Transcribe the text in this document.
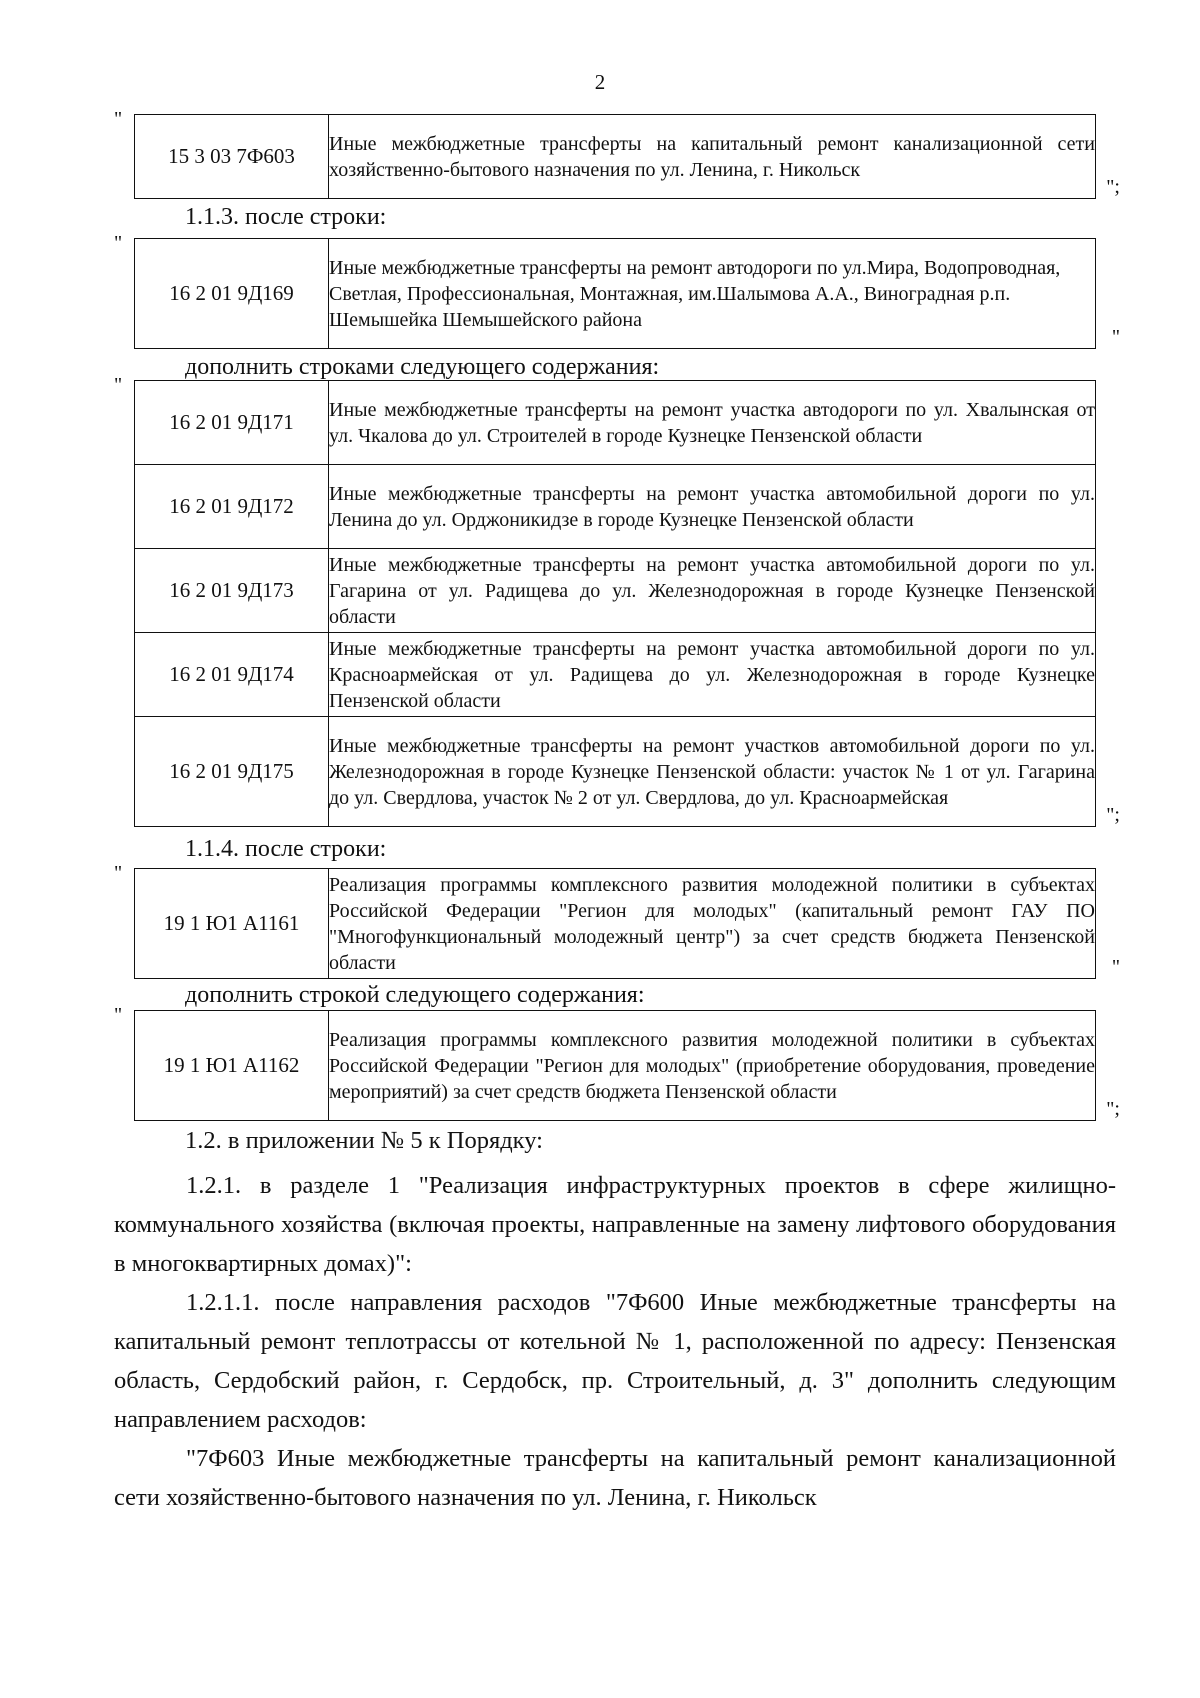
2
"
15 3 03 7Ф603	Иные межбюджетные трансферты на капитальный ремонт канализационной сети хозяйственно-бытового назначения по ул. Ленина, г. Никольск
";
1.1.3. после строки:
"
16 2 01 9Д169	Иные межбюджетные трансферты на ремонт автодороги по ул.Мира, Водопроводная, Светлая, Профессиональная, Монтажная, им.Шалымова А.А., Виноградная р.п. Шемышейка Шемышейского района
"
дополнить строками следующего содержания:
"
16 2 01 9Д171	Иные межбюджетные трансферты на ремонт участка автодороги по ул. Хвалынская от ул. Чкалова до ул. Строителей в городе Кузнецке Пензенской области
16 2 01 9Д172	Иные межбюджетные трансферты на ремонт участка автомобильной дороги по ул. Ленина до ул. Орджоникидзе в городе Кузнецке Пензенской области
16 2 01 9Д173	Иные межбюджетные трансферты на ремонт участка автомобильной дороги по ул. Гагарина от ул. Радищева до ул. Железнодорожная в городе Кузнецке Пензенской области
16 2 01 9Д174	Иные межбюджетные трансферты на ремонт участка автомобильной дороги по ул. Красноармейская от ул. Радищева до ул. Железнодорожная в городе Кузнецке Пензенской области
16 2 01 9Д175	Иные межбюджетные трансферты на ремонт участков автомобильной дороги по ул. Железнодорожная в городе Кузнецке Пензенской области: участок № 1 от ул. Гагарина до ул. Свердлова, участок № 2 от ул. Свердлова, до ул. Красноармейская
";
1.1.4. после строки:
"
19 1 Ю1 А1161	Реализация программы комплексного развития молодежной политики в субъектах Российской Федерации "Регион для молодых" (капитальный ремонт ГАУ ПО "Многофункциональный молодежный центр") за счет средств бюджета Пензенской области	"
дополнить строкой следующего содержания:
"
19 1 Ю1 А1162	Реализация программы комплексного развития молодежной политики в субъектах Российской Федерации "Регион для молодых" (приобретение оборудования, проведение мероприятий) за счет средств бюджета Пензенской области
";
1.2. в приложении № 5 к Порядку:

1.2.1. в разделе 1 "Реализация инфраструктурных проектов в сфере жилищно-коммунального хозяйства (включая проекты, направленные на замену лифтового оборудования в многоквартирных домах)":

1.2.1.1. после направления расходов "7Ф600 Иные межбюджетные трансферты на капитальный ремонт теплотрассы от котельной № 1, расположенной по адресу: Пензенская область, Сердобский район, г. Сердобск, пр. Строительный, д. 3" дополнить следующим направлением расходов:

"7Ф603 Иные межбюджетные трансферты на капитальный ремонт канализационной сети хозяйственно-бытового назначения по ул. Ленина, г. Никольск
